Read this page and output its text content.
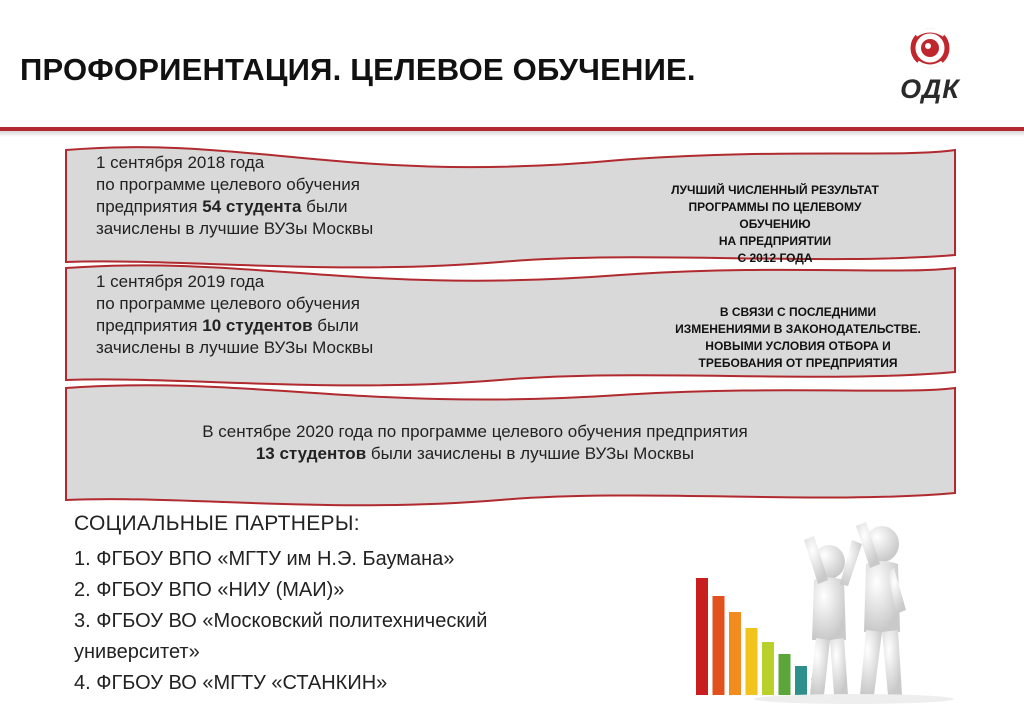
ПРОФОРИЕНТАЦИЯ. ЦЕЛЕВОЕ ОБУЧЕНИЕ.
ОДК
1 сентября 2018 года
по программе целевого обучения
предприятия 54 студента были
зачислены в лучшие ВУЗы Москвы
ЛУЧШИЙ ЧИСЛЕННЫЙ РЕЗУЛЬТАТ
ПРОГРАММЫ ПО ЦЕЛЕВОМУ
ОБУЧЕНИЮ
НА ПРЕДПРИЯТИИ
С 2012 ГОДА
1 сентября 2019 года
по программе целевого обучения
предприятия 10 студентов были
зачислены в лучшие ВУЗы Москвы
В СВЯЗИ С ПОСЛЕДНИМИ
ИЗМЕНЕНИЯМИ В ЗАКОНОДАТЕЛЬСТВЕ.
НОВЫМИ УСЛОВИЯ ОТБОРА И
ТРЕБОВАНИЯ ОТ ПРЕДПРИЯТИЯ
В сентябре 2020 года по программе целевого обучения предприятия
13 студентов были зачислены в лучшие ВУЗы Москвы
СОЦИАЛЬНЫЕ ПАРТНЕРЫ:
1. ФГБОУ ВПО «МГТУ им Н.Э. Баумана»
2. ФГБОУ ВПО «НИУ (МАИ)»
3. ФГБОУ ВО «Московский политехнический
университет»
4. ФГБОУ ВО «МГТУ «СТАНКИН»
